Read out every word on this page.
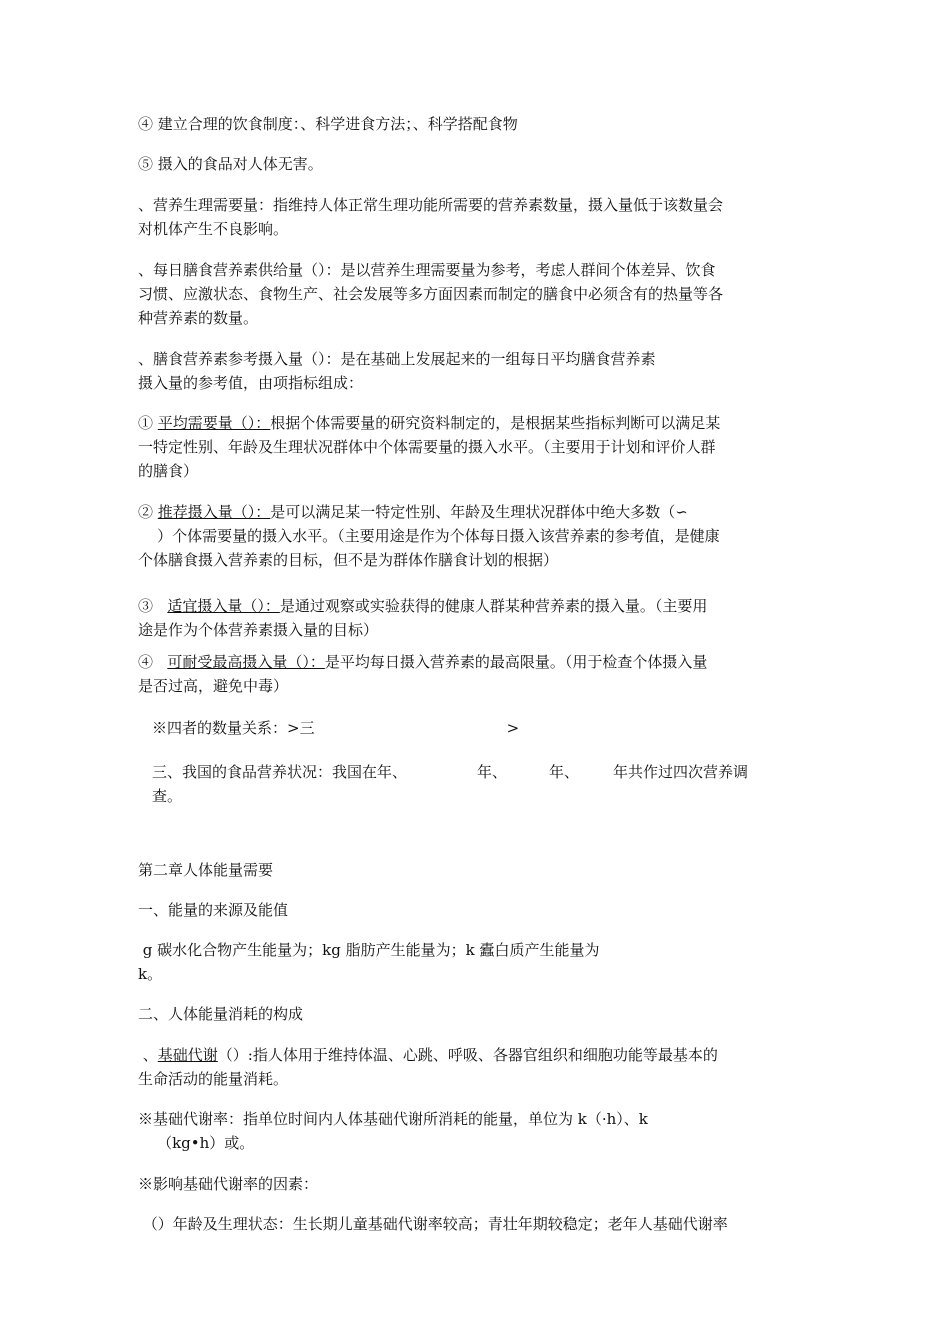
④ 建立合理的饮食制度：、科学进食方法；、科学搭配食物

⑤ 摄入的食品对人体无害。

、营养生理需要量：指维持人体正常生理功能所需要的营养素数量，摄入量低于该数量会
对机体产生不良影响。

、每日膳食营养素供给量（）：是以营养生理需要量为参考，考虑人群间个体差异、饮食
习惯、应激状态、食物生产、社会发展等多方面因素而制定的膳食中必须含有的热量等各
种营养素的数量。

、膳食营养素参考摄入量（）：是在基础上发展起来的一组每日平均膳食营养素
摄入量的参考值，由项指标组成：

① 平均需要量（）：根据个体需要量的研究资料制定的，是根据某些指标判断可以满足某
一特定性别、年龄及生理状况群体中个体需要量的摄入水平。（主要用于计划和评价人群
的膳食）

② 推荐摄入量（）：是可以满足某一特定性别、年龄及生理状况群体中绝大多数（∽
）个体需要量的摄入水平。（主要用途是作为个体每日摄入该营养素的参考值，是健康
个体膳食摄入营养素的目标，但不是为群体作膳食计划的根据）

③   适宜摄入量（）：是通过观察或实验获得的健康人群某种营养素的摄入量。（主要用
途是作为个体营养素摄入量的目标）

④   可耐受最高摄入量（）：是平均每日摄入营养素的最高限量。（用于检查个体摄入量
是否过高，避免中毒）

※四者的数量关系：>三	>

三、我国的食品营养状况：我国在年、	年、	年、 年共作过四次营养调
查。

第二章人体能量需要

一、能量的来源及能值

g 碳水化合物产生能量为；kg 脂肪产生能量为；k 蠹白质产生能量为
k。

二、人体能量消耗的构成

、基础代谢（）:指人体用于维持体温、心跳、呼吸、各器官组织和细胞功能等最基本的
生命活动的能量消耗。

※基础代谢率：指单位时间内人体基础代谢所消耗的能量，单位为 k（·h）、k
（kg•h）或。

※影响基础代谢率的因素：

（）年龄及生理状态：生长期儿童基础代谢率较高；青壮年期较稳定；老年人基础代谢率
